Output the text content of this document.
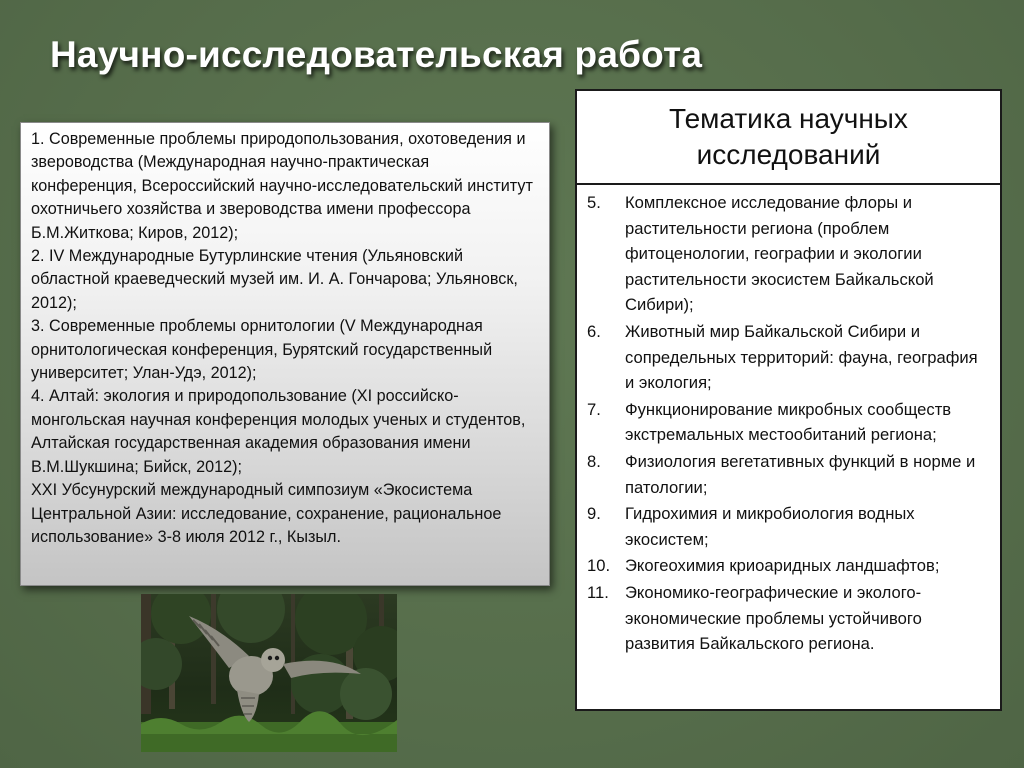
Научно-исследовательская работа

1. Современные проблемы природопользования, охотоведения и звероводства (Международная научно-практическая конференция, Всероссийский научно-исследовательский институт охотничьего хозяйства и звероводства имени профессора Б.М.Житкова; Киров, 2012);

2. IV Международные Бутурлинские чтения (Ульяновский областной краеведческий музей им. И. А. Гончарова; Ульяновск, 2012);

3. Современные проблемы орнитологии (V Международная орнитологическая конференция, Бурятский государственный университет; Улан-Удэ, 2012);

4. Алтай: экология и природопользование (XI российско-монгольская научная конференция молодых ученых и студентов, Алтайская государственная академия образования имени В.М.Шукшина; Бийск, 2012);

XXI Убсунурский международный симпозиум «Экосистема Центральной Азии: исследование, сохранение, рациональное использование» 3-8 июля 2012 г., Кызыл.

Тематика научных исследований
5.	Комплексное исследование флоры и растительности региона (проблем фитоценологии, географии и экологии растительности экосистем Байкальской Сибири);
6.	Животный мир Байкальской Сибири и сопредельных территорий: фауна, география и экология;
7.	Функционирование микробных сообществ экстремальных местообитаний региона;
8.	Физиология вегетативных функций в норме и патологии;
9.	Гидрохимия и микробиология водных экосистем;
10. Экогеохимия криоаридных ландшафтов;
11. Экономико-географические и эколого-экономические проблемы устойчивого развития Байкальского региона.
